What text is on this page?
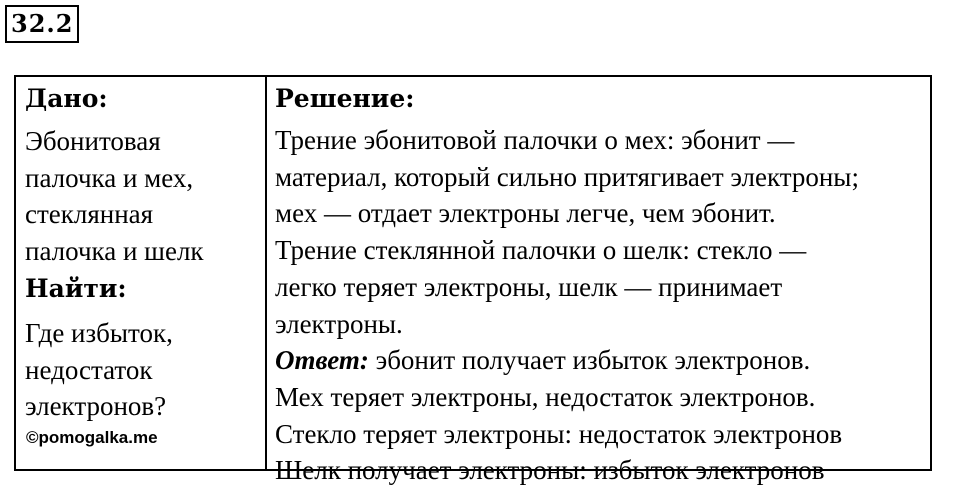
32.2
Дано:
Эбонитовая
палочка и мех,
стеклянная
палочка и шелк
Найти:
Где избыток,
недостаток
электронов?
©pomogalka.me
Решение:
Трение эбонитовой палочки о мех: эбонит —
материал, который сильно притягивает электроны;
мех — отдает электроны легче, чем эбонит.
Трение стеклянной палочки о шелк: стекло —
легко теряет электроны, шелк — принимает
электроны.
Ответ: эбонит получает избыток электронов.
Мех теряет электроны, недостаток электронов.
Стекло теряет электроны: недостаток электронов
Шелк получает электроны: избыток электронов
